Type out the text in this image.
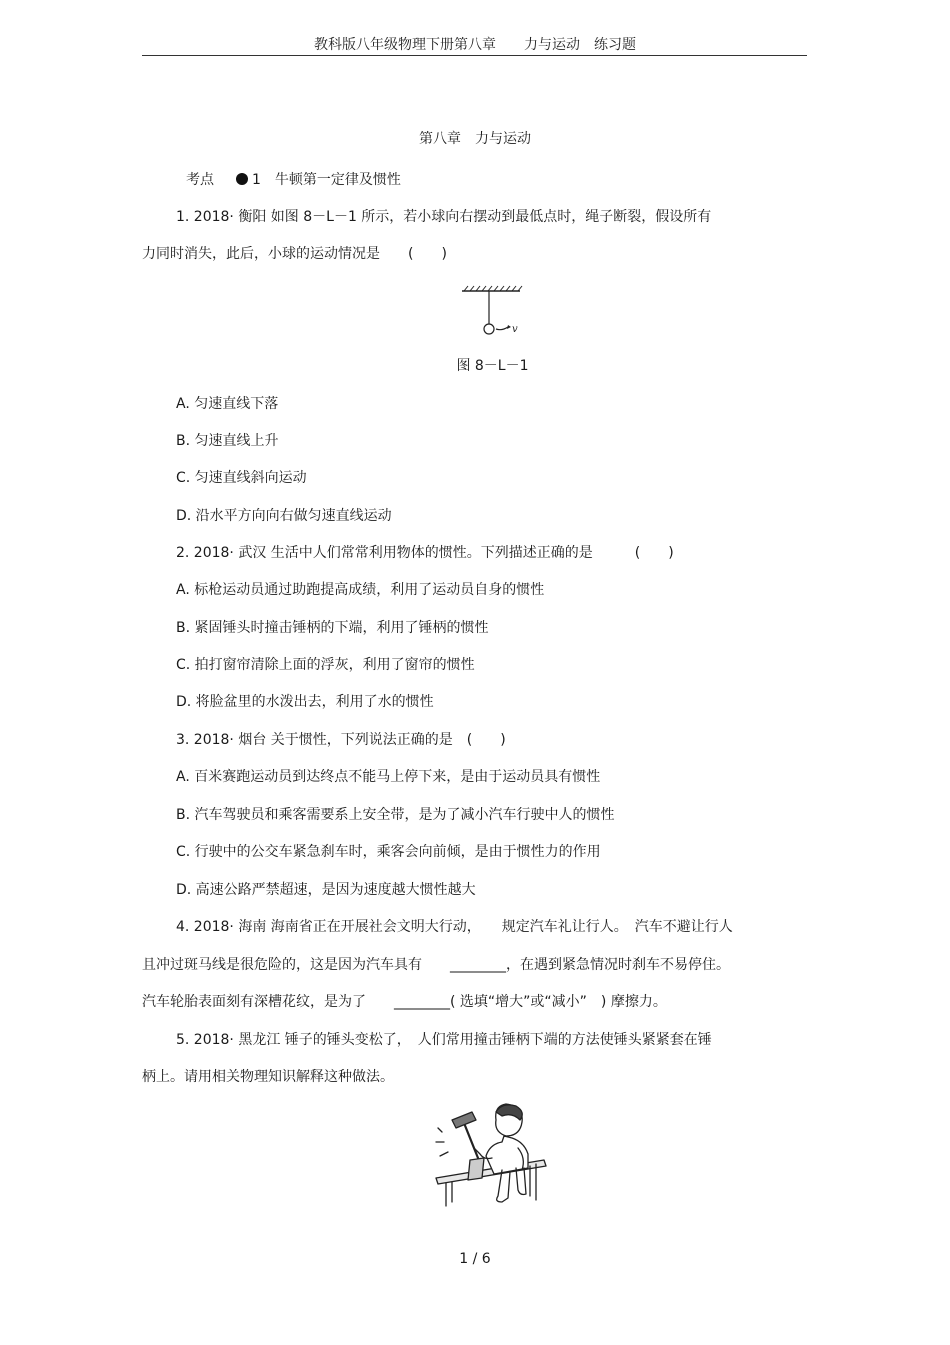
教科版八年级物理下册第八章　　力与运动　练习题
第八章　力与运动
考点	1 牛顿第一定律及惯性
1. 2018· 衡阳 如图 8－L－1 所示，若小球向右摆动到最低点时，绳子断裂，假设所有
力同时消失，此后，小球的运动情况是　　(　　)
v
图 8－L－1
A. 匀速直线下落
B. 匀速直线上升
C. 匀速直线斜向运动
D. 沿水平方向向右做匀速直线运动
2. 2018· 武汉 生活中人们常常利用物体的惯性。下列描述正确的是　　　(　　)
A. 标枪运动员通过助跑提高成绩，利用了运动员自身的惯性
B. 紧固锤头时撞击锤柄的下端，利用了锤柄的惯性
C. 拍打窗帘清除上面的浮灰，利用了窗帘的惯性
D. 将脸盆里的水泼出去，利用了水的惯性
3. 2018· 烟台 关于惯性，下列说法正确的是　(　　)
A. 百米赛跑运动员到达终点不能马上停下来，是由于运动员具有惯性
B. 汽车驾驶员和乘客需要系上安全带，是为了减小汽车行驶中人的惯性
C. 行驶中的公交车紧急刹车时，乘客会向前倾，是由于惯性力的作用
D. 高速公路严禁超速，是因为速度越大惯性越大
4. 2018· 海南 海南省正在开展社会文明大行动，　　规定汽车礼让行人。　汽车不避让行人
且冲过斑马线是很危险的，这是因为汽车具有　　________，在遇到紧急情况时刹车不易停住。
汽车轮胎表面刻有深槽花纹，是为了　　________( 选填“增大”或“减小”　) 摩擦力。
5. 2018· 黑龙江 锤子的锤头变松了，　人们常用撞击锤柄下端的方法使锤头紧紧套在锤
柄上。请用相关物理知识解释这种做法。
1 / 6
